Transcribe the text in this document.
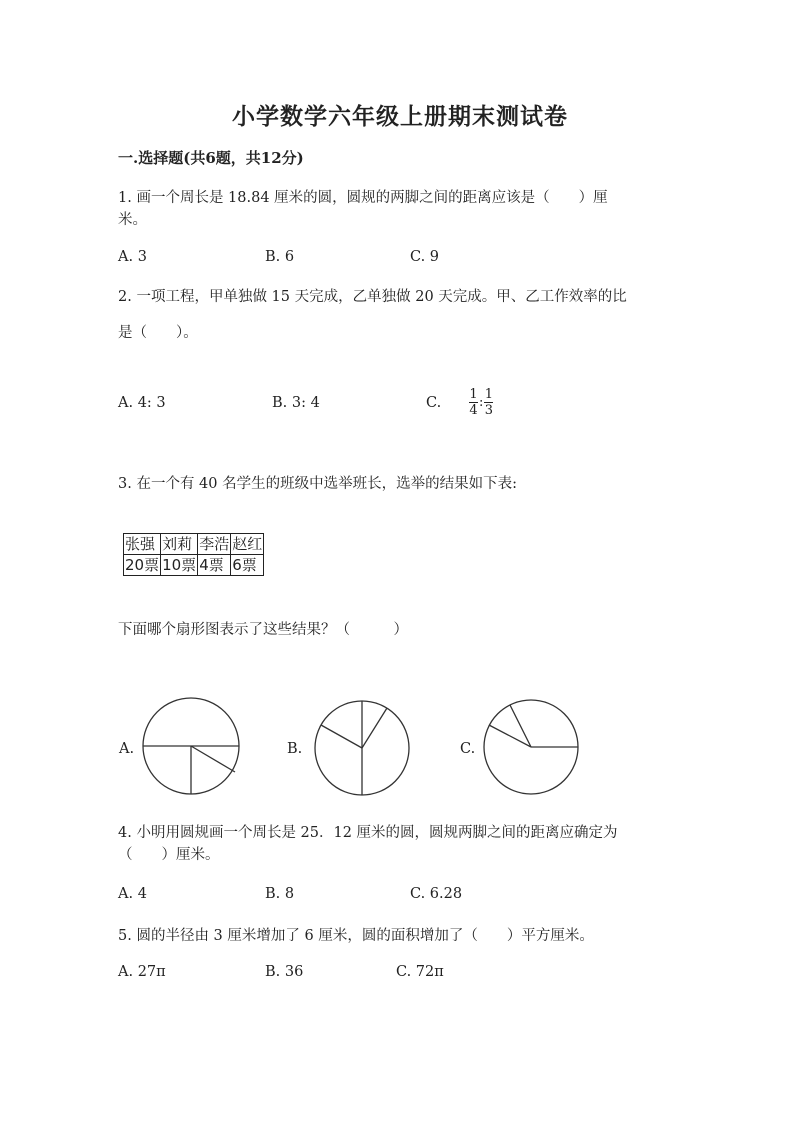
小学数学六年级上册期末测试卷
一.选择题(共6题，共12分)
1. 画一个周长是 18.84 厘米的圆，圆规的两脚之间的距离应该是（　　）厘
米。
A. 3	B. 6	C. 9
2. 一项工程，甲单独做 15 天完成，乙单独做 20 天完成。甲、乙工作效率的比
是（　　）。
A. 4: 3	B. 3: 4	C. $\frac{1}{4}$ : $\frac{1}{3}$
3. 在一个有 40 名学生的班级中选举班长，选举的结果如下表:
张强	刘莉	李浩	赵红
20票	10票	4票	6票
下面哪个扇形图表示了这些结果？（　　　）
A.	B.	C.
4. 小明用圆规画一个周长是 25．12 厘米的圆，圆规两脚之间的距离应确定为
（　　）厘米。
A. 4	B. 8	C. 6.28
5. 圆的半径由 3 厘米增加了 6 厘米，圆的面积增加了（　　）平方厘米。
A. 27π	B. 36	C. 72π
